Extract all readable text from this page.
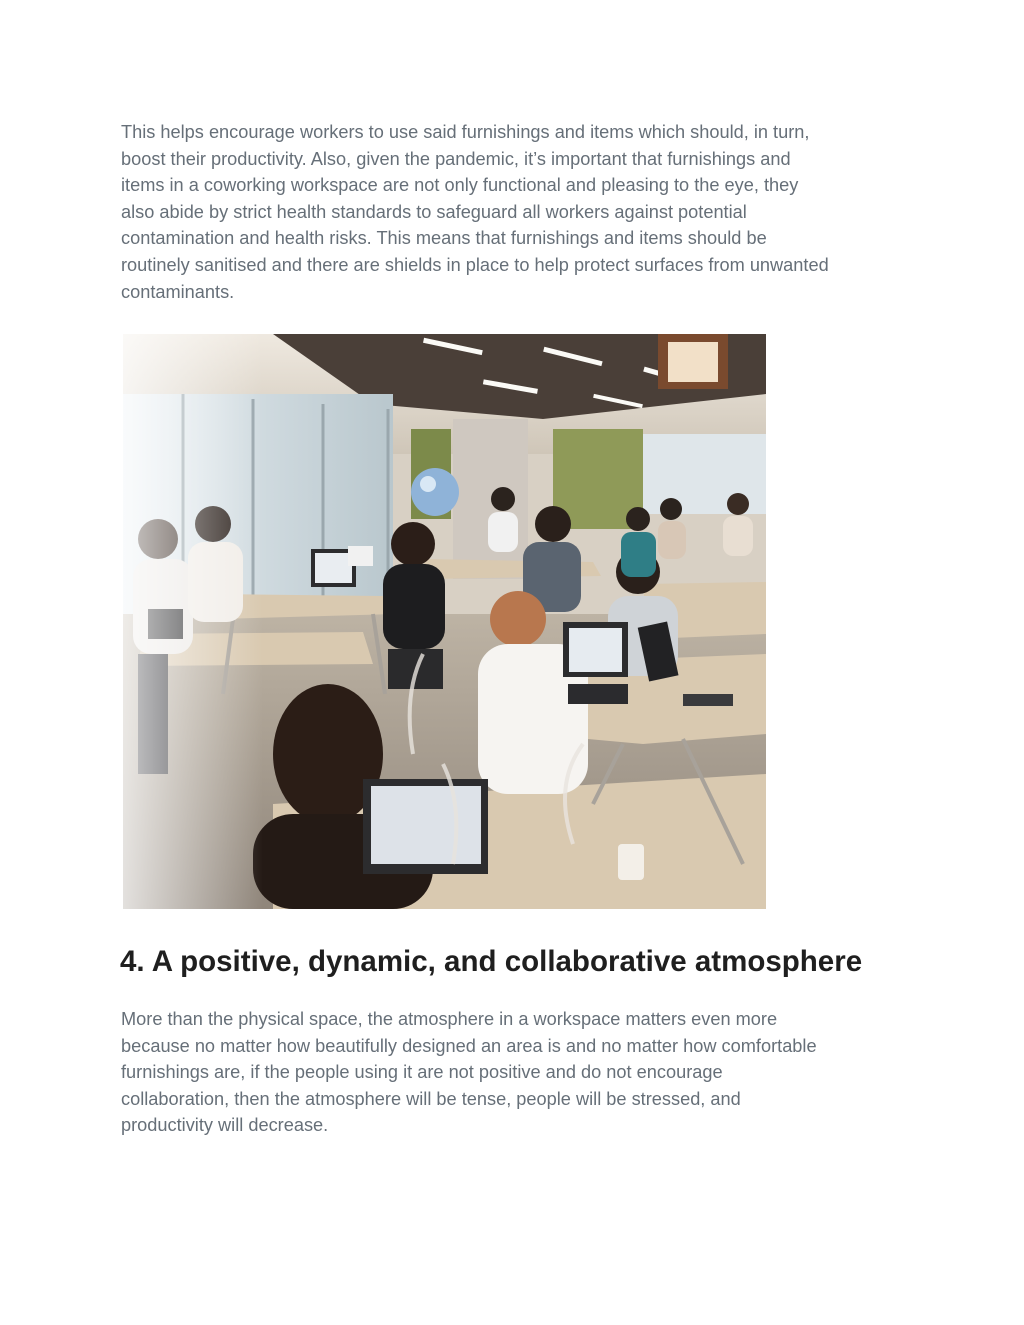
This helps encourage workers to use said furnishings and items which should, in turn,
boost their productivity. Also, given the pandemic, it’s important that furnishings and
items in a coworking workspace are not only functional and pleasing to the eye, they
also abide by strict health standards to safeguard all workers against potential
contamination and health risks. This means that furnishings and items should be
routinely sanitised and there are shields in place to help protect surfaces from unwanted
contaminants.

4. A positive, dynamic, and collaborative atmosphere

More than the physical space, the atmosphere in a workspace matters even more
because no matter how beautifully designed an area is and no matter how comfortable
furnishings are, if the people using it are not positive and do not encourage
collaboration, then the atmosphere will be tense, people will be stressed, and
productivity will decrease.
